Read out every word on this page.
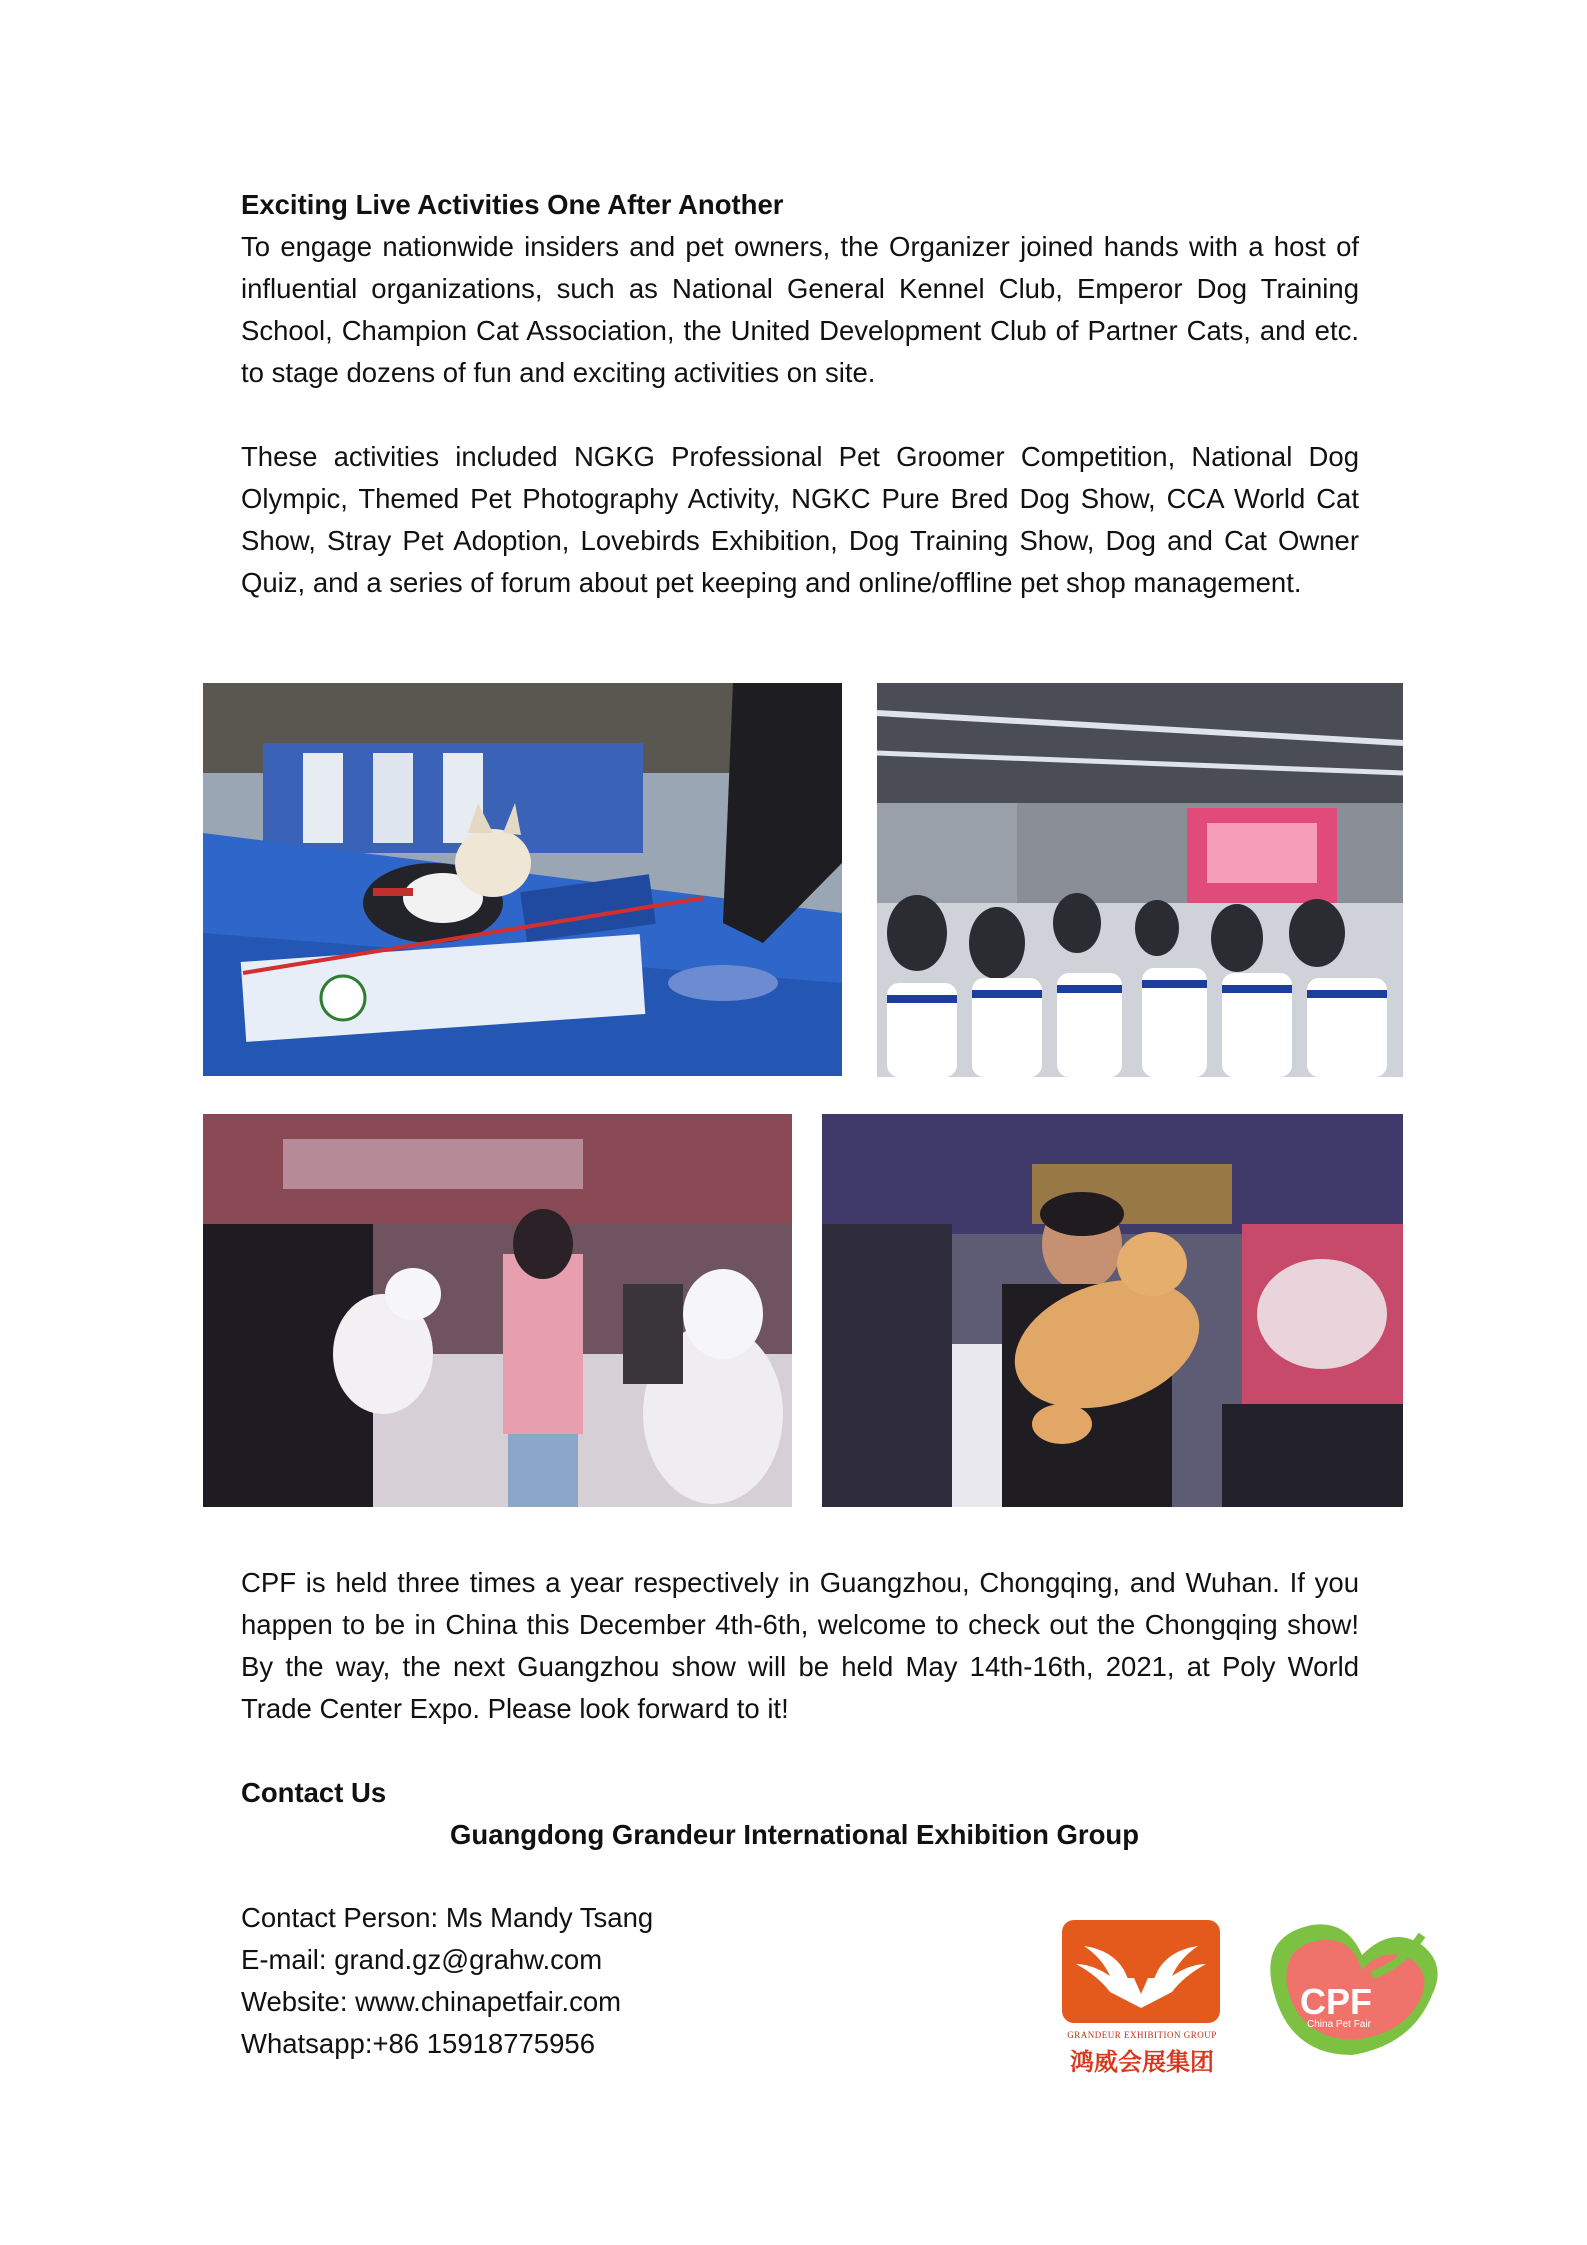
Exciting Live Activities One After Another

To engage nationwide insiders and pet owners, the Organizer joined hands with a host of influential organizations, such as National General Kennel Club, Emperor Dog Training School, Champion Cat Association, the United Development Club of Partner Cats, and etc. to stage dozens of fun and exciting activities on site.

These activities included NGKG Professional Pet Groomer Competition, National Dog Olympic, Themed Pet Photography Activity, NGKC Pure Bred Dog Show, CCA World Cat Show, Stray Pet Adoption, Lovebirds Exhibition, Dog Training Show, Dog and Cat Owner Quiz, and a series of forum about pet keeping and online/offline pet shop management.

CPF is held three times a year respectively in Guangzhou, Chongqing, and Wuhan. If you happen to be in China this December 4th-6th, welcome to check out the Chongqing show! By the way, the next Guangzhou show will be held May 14th-16th, 2021, at Poly World Trade Center Expo. Please look forward to it!

Contact Us
Guangdong Grandeur International Exhibition Group
Contact Person: Ms Mandy Tsang
E-mail: grand.gz@grahw.com
Website: www.chinapetfair.com
Whatsapp:+86 15918775956	GRANDEUR EXHIBITION GROUP
鸿威会展集团
CPF
China Pet Fair
